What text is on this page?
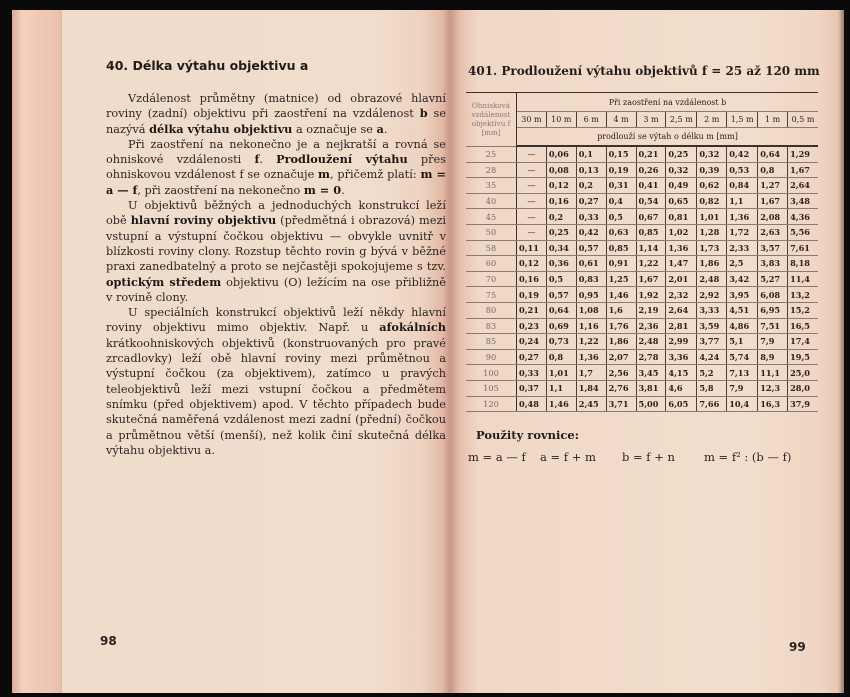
40. Délka výtahu objektivu a

Vzdálenost průmětny (matnice) od obrazové hlavní roviny (zadní) objektivu při zaostření na vzdálenost b se nazývá délka výtahu objektivu a označuje se a.

Při zaostření na nekonečno je a nejkratší a rovná se ohniskové vzdálenosti f. Prodloužení výtahu přes ohniskovou vzdálenost f se označuje m, přičemž platí: m = a — f, při zaostření na nekonečno m = 0.

U objektivů běžných a jednoduchých konstrukcí leží obě hlavní roviny objektivu (předmětná i obrazová) mezi vstupní a výstupní čočkou objektivu — obvykle uvnitř v blízkosti roviny clony. Rozstup těchto rovin g bývá v běžné praxi zanedbatelný a proto se nejčastěji spokojujeme s tzv. optickým středem objektivu (O) ležícím na ose přibližně v rovině clony.

U speciálních konstrukcí objektivů leží někdy hlavní roviny objektivu mimo objektiv. Např. u afokálních krátkoohniskových objektivů (konstruovaných pro pravé zrcadlovky) leží obě hlavní roviny mezi průmětnou a výstupní čočkou (za objektivem), zatímco u pravých teleobjektivů leží mezi vstupní čočkou a předmětem snímku (před objektivem) apod. V těchto případech bude skutečná naměřená vzdálenost mezi zadní (přední) čočkou a průmětnou větší (menší), než kolik činí skutečná délka výtahu objektivu a.

98
401. Prodloužení výtahu objektivů f = 25 až 120 mm
Ohnisková vzdálenost objektivu f [mm]	Při zaostření na vzdálenost b									
	30 m	10 m	6 m	4 m	3 m	2,5 m	2 m	1,5 m	1 m	0,5 m
	prodlouží se výtah o délku m [mm]									
25	—	0,06	0,1	0,15	0,21	0,25	0,32	0,42	0,64	1,29
28	—	0,08	0,13	0,19	0,26	0,32	0,39	0,53	0,8	1,67
35	—	0,12	0,2	0,31	0,41	0,49	0,62	0,84	1,27	2,64
40	—	0,16	0,27	0,4	0,54	0,65	0,82	1,1	1,67	3,48
45	—	0,2	0,33	0,5	0,67	0,81	1,01	1,36	2,08	4,36
50	—	0,25	0,42	0,63	0,85	1,02	1,28	1,72	2,63	5,56
58	0,11	0,34	0,57	0,85	1,14	1,36	1,73	2,33	3,57	7,61
60	0,12	0,36	0,61	0,91	1,22	1,47	1,86	2,5	3,83	8,18
70	0,16	0,5	0,83	1,25	1,67	2,01	2,48	3,42	5,27	11,4
75	0,19	0,57	0,95	1,46	1,92	2,32	2,92	3,95	6,08	13,2
80	0,21	0,64	1,08	1,6	2,19	2,64	3,33	4,51	6,95	15,2
83	0,23	0,69	1,16	1,76	2,36	2,81	3,59	4,86	7,51	16,5
85	0,24	0,73	1,22	1,86	2,48	2,99	3,77	5,1	7,9	17,4
90	0,27	0,8	1,36	2,07	2,78	3,36	4,24	5,74	8,9	19,5
100	0,33	1,01	1,7	2,56	3,45	4,15	5,2	7,13	11,1	25,0
105	0,37	1,1	1,84	2,76	3,81	4,6	5,8	7,9	12,3	28,0
120	0,48	1,46	2,45	3,71	5,00	6,05	7,66	10,4	16,3	37,9
Použity rovnice:
m = a — f	a = f + m	b = f + n	m = f² : (b — f)
99
